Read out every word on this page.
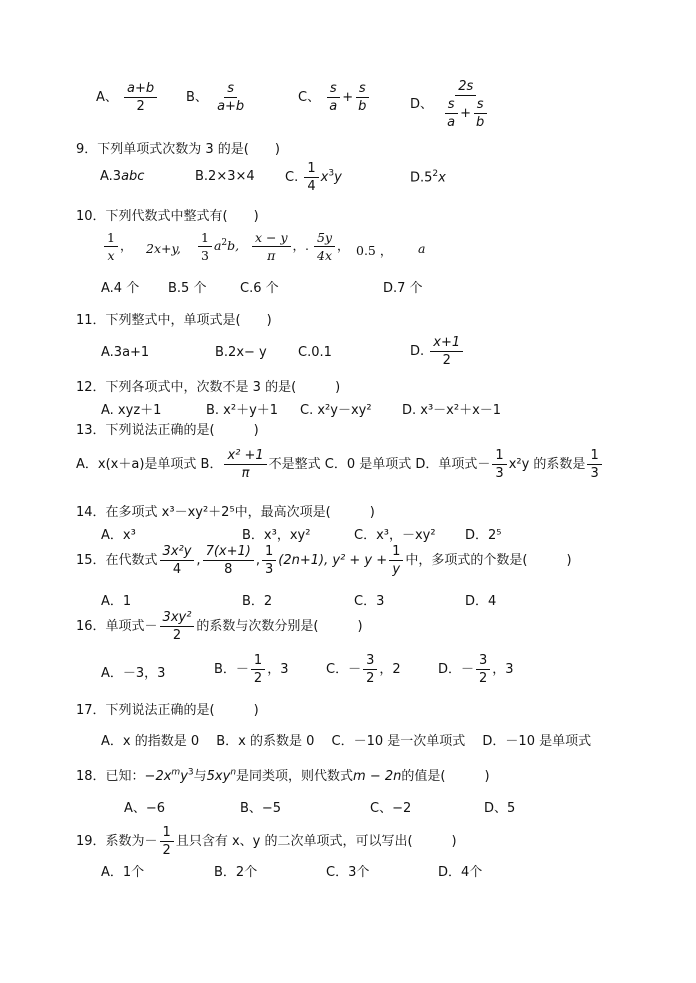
A、 $\frac{a+b}{2}$ B、 $\frac{s}{a+b}$	C、 $\frac{s}{a} + \frac{s}{b}$	D、 $\frac{2s}{\frac{s}{a} + \frac{s}{b}}$
9．下列单项式次数为 3 的是(　　)
A.3abc	B.2×3×4 C. $\frac{1}{4} x^3y$	$D.5^2x$
10．下列代数式中整式有(　　)
$\frac{1}{x}$ ， 2x+y, $\frac{1}{3} a^2b$, $\frac{x - y}{\pi}$ ，. $\frac{5y}{4x}$ ， 0.5 ， a
A.4 个 B.5 个	C.6 个	D.7 个
11．下列整式中，单项式是(　　)
A.3a+1	B.2x− y C.0.1	D. $\frac{x+1}{2}$
12．下列各项式中，次数不是 3 的是(　　　)
A. xyz＋1	B. x²＋y＋1 C. x²y－xy² D. x³－x²＋x－1
13．下列说法正确的是(　　　)
A．x(x＋a)是单项式 B． $\frac{\text{x² +1}}{\pi}$ 不是整式 C．0 是单项式 D．单项式－ $\frac{1}{3} x^2y$ 的系数是 $\frac{1}{3}$
14．在多项式 x³－xy²＋2⁵中，最高次项是(　　　)
A．x³	B．x³，xy²	C．x³，－xy² D．2⁵
15．在代数式 $\frac{\text{3x²y}}{4}$ , $\frac{7(x+1)}{8}$ , $\frac{1}{3} (2n+1)$, $y^2 + y + \frac{1}{y}$ 中，多项式的个数是(　　　)
A．1	B．2	C．3	D．4
16．单项式－ $\frac{\text{3xy²}}{2}$ 的系数与次数分别是(　　　)
A．－3，3	B．－ $\frac{1}{2}$ ，3	C．－ $\frac{3}{2}$ ，2	D．－ $\frac{3}{2}$ ，3
17．下列说法正确的是(　　　)
A．x 的指数是 0　 B．x 的系数是 0　 C．－10 是一次单项式　 D．－10 是单项式
18．已知：$-2x^my^3$与$5xy^n$是同类项，则代数式m − 2n的值是(　　　)
A、−6	B、−5	C、−2	D、5
19．系数为－ $\frac{1}{2}$ 且只含有 x、y 的二次单项式，可以写出(　　　)
A．1个	B．2个	C．3个	D．4个
